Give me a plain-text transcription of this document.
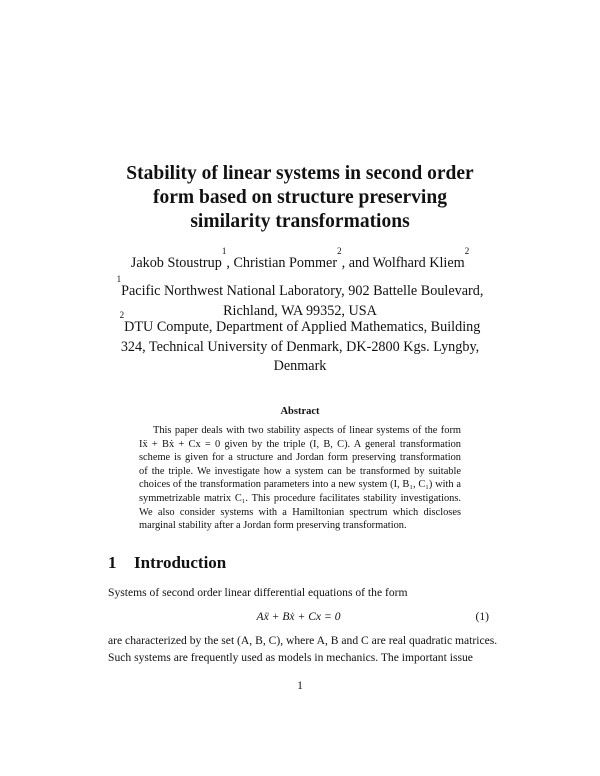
Stability of linear systems in second order
form based on structure preserving
similarity transformations
Jakob Stoustrup$^1$, Christian Pommer$^2$, and Wolfhard Kliem$^2$
$^1$Pacific Northwest National Laboratory, 902 Battelle Boulevard,
Richland, WA 99352, USA
$^2$DTU Compute, Department of Applied Mathematics, Building
324, Technical University of Denmark, DK-2800 Kgs. Lyngby,
Denmark
Abstract
This paper deals with two stability aspects of linear systems of the form
Iẍ + Bẋ + Cx = 0 given by the triple (I, B, C). A general transformation
scheme is given for a structure and Jordan form preserving transformation
of the triple. We investigate how a system can be transformed by suitable
choices of the transformation parameters into a new system (I, B₁, C₁) with a
symmetrizable matrix C₁. This procedure facilitates stability investigations.
We also consider systems with a Hamiltonian spectrum which discloses
marginal stability after a Jordan form preserving transformation.
1 Introduction
Systems of second order linear differential equations of the form
Aẍ + Bẋ + Cx = 0	(1)
are characterized by the set (A, B, C), where A, B and C are real quadratic matrices.
Such systems are frequently used as models in mechanics. The important issue
1
